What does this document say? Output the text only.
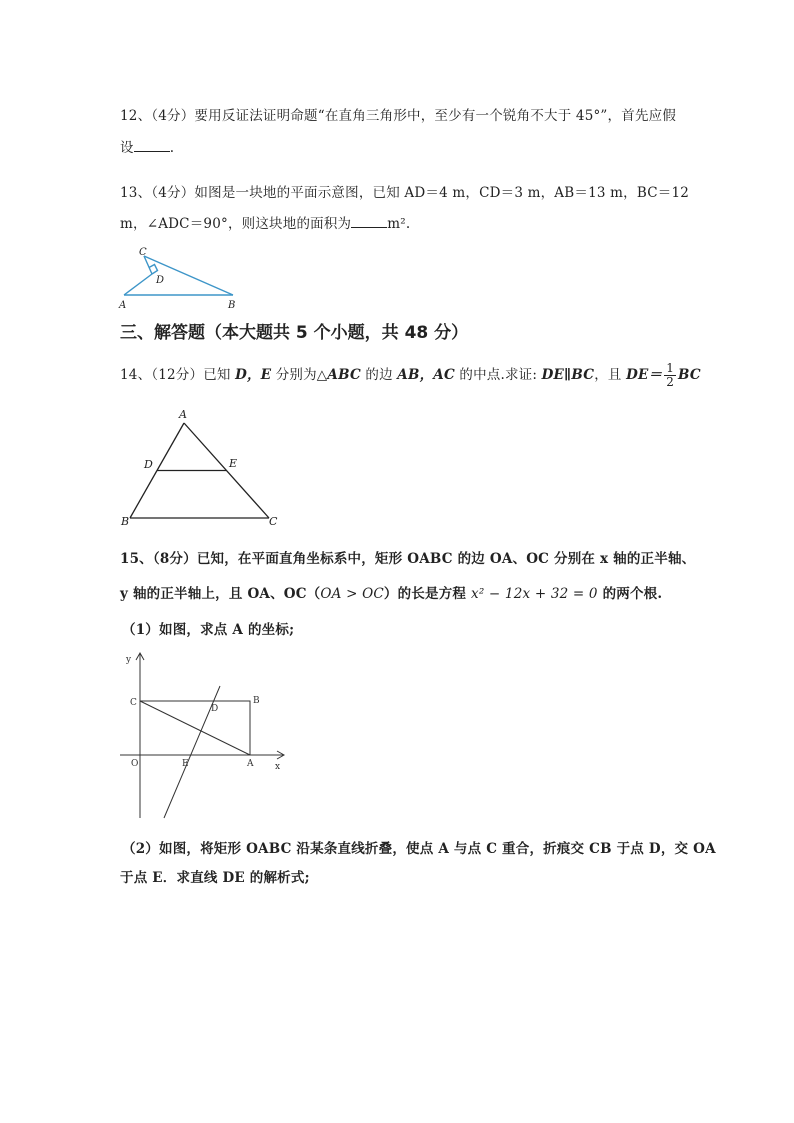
12、（4分）要用反证法证明命题“在直角三角形中，至少有一个锐角不大于 45°”，首先应假
设	.
13、（4分）如图是一块地的平面示意图，已知 AD＝4 m，CD＝3 m，AB＝13 m，BC＝12
m，∠ADC＝90°，则这块地的面积为	m².
C
D
A	B
三、解答题（本大题共 5 个小题，共 48 分）
14、（12分）已知 D，E 分别为△ABC 的边 AB，AC 的中点.求证: DE∥BC，且 $DE= \frac{1}{2}$ BC
A
D	E
B	C
15、（8分）已知，在平面直角坐标系中，矩形 OABC 的边 OA、OC 分别在 x 轴的正半轴、
y 轴的正半轴上，且 OA、OC（OA > OC）的长是方程 x² − 12x + 32 = 0 的两个根.
（1）如图，求点 A 的坐标;
y
C
D
B
O	E	A x
（2）如图，将矩形 OABC 沿某条直线折叠，使点 A 与点 C 重合，折痕交 CB 于点 D，交 OA
于点 E．求直线 DE 的解析式;
